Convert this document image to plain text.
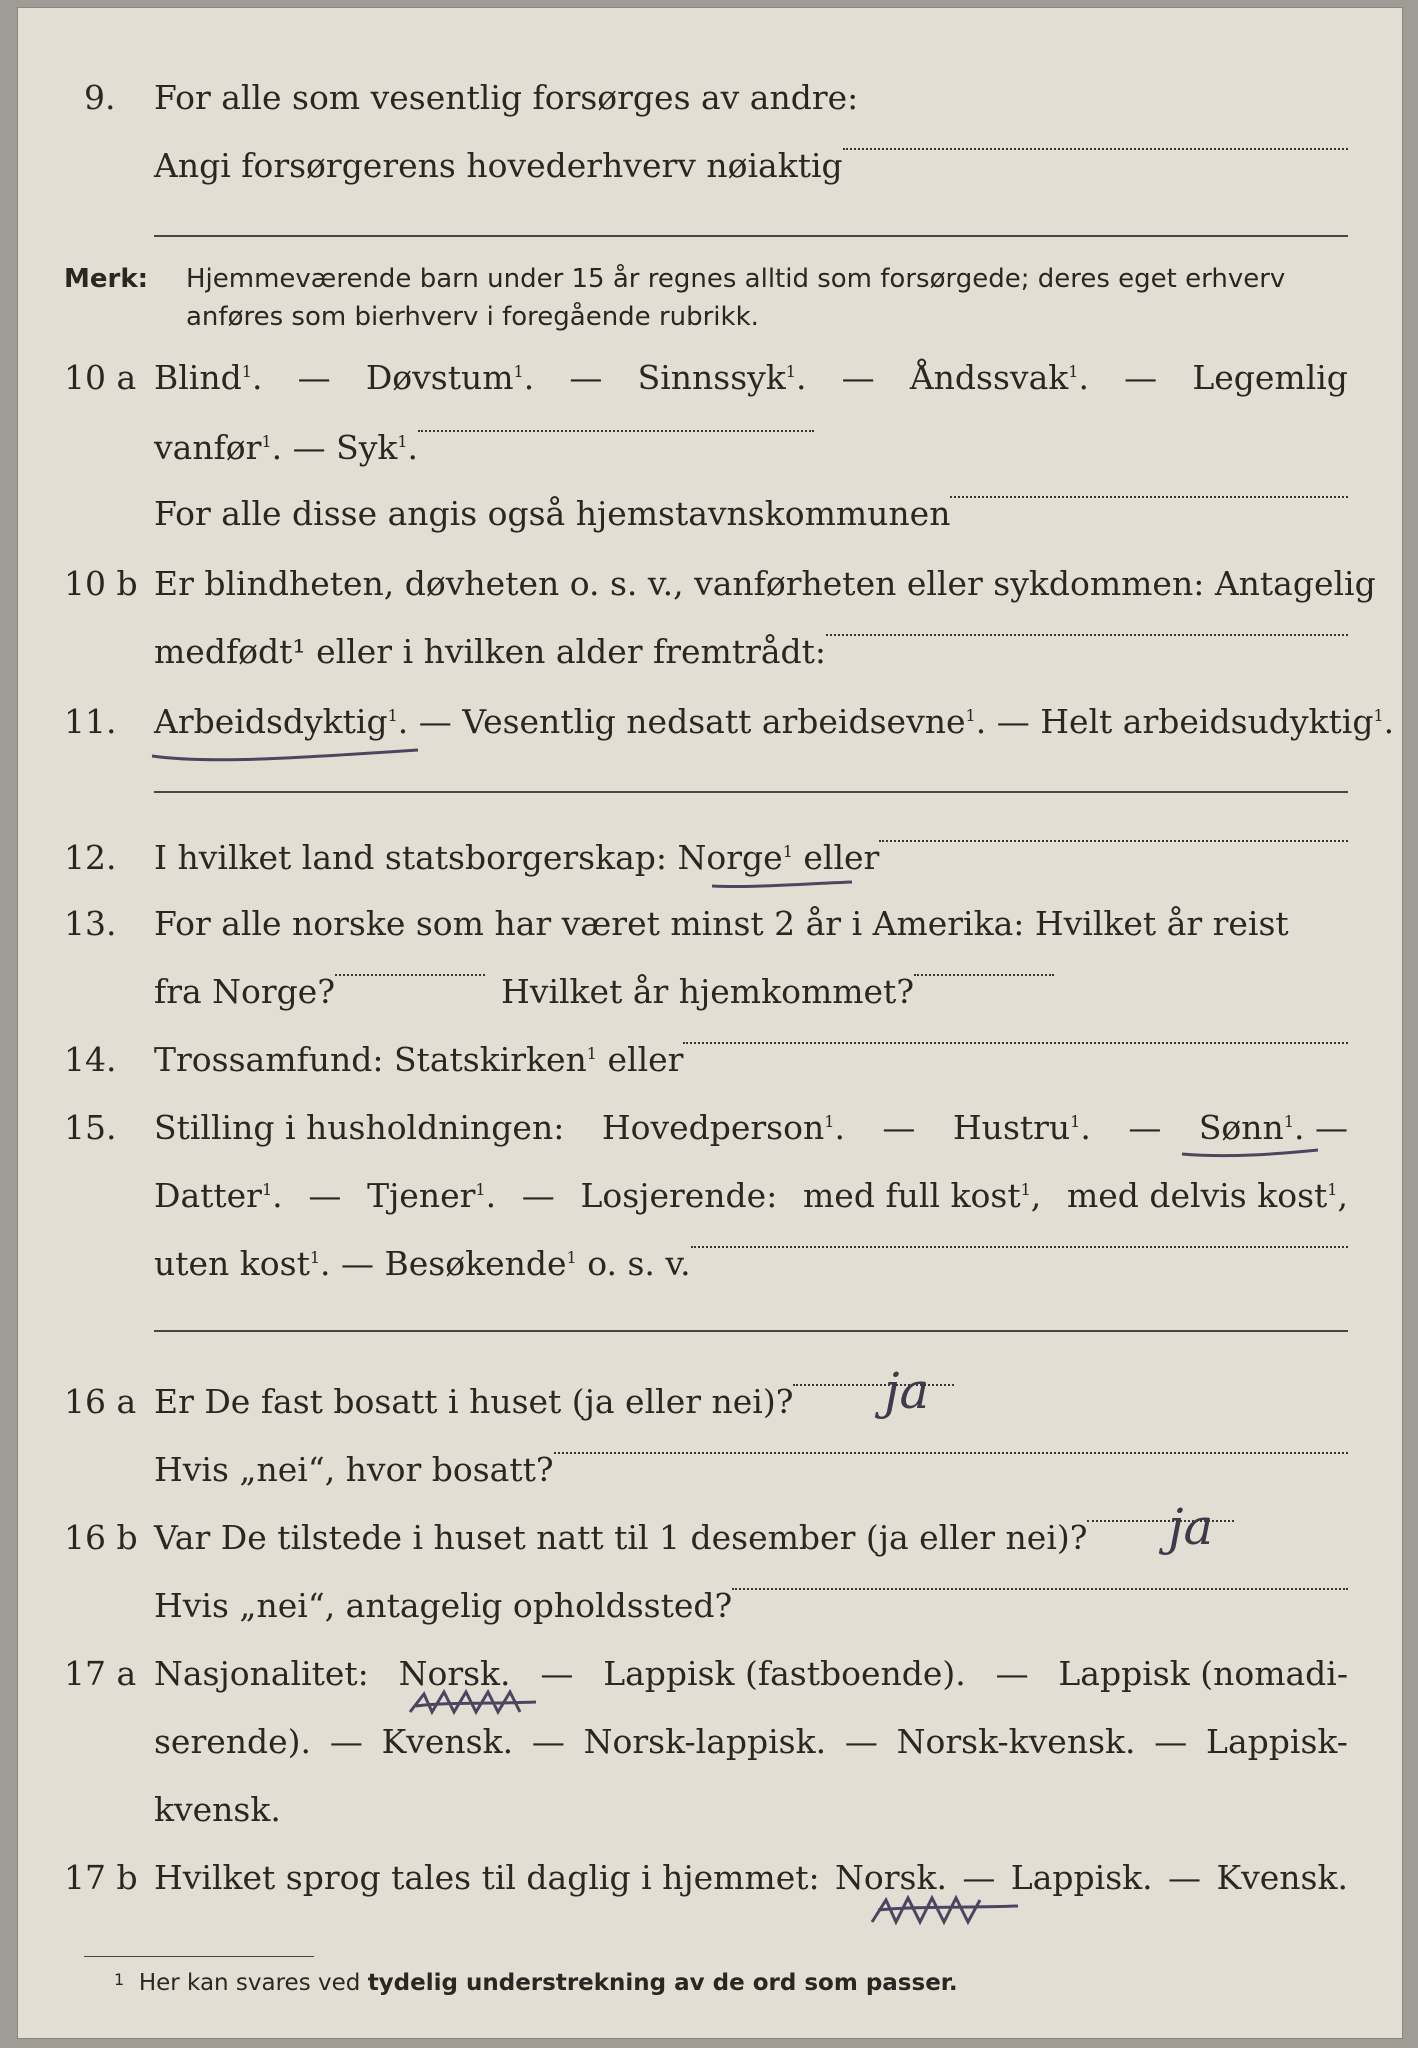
9. For alle som vesentlig forsørges av andre:
Angi forsørgerens hovederhverv nøiaktig
Merk: Hjemmeværende barn under 15 år regnes alltid som forsørgede; deres eget erhverv
anføres som bierhverv i foregående rubrikk.
10 a Blind$^1$. — Døvstum$^1$. — Sinnssyk$^1$. — Åndssvak$^1$. — Legemlig
vanfør$^1$. — Syk$^1$.
For alle disse angis også hjemstavnskommunen
10 b Er blindheten, døvheten o. s. v., vanførheten eller sykdommen: Antagelig
medfødt¹ eller i hvilken alder fremtrådt:
11. Arbeidsdyktig$^1$. — Vesentlig nedsatt arbeidsevne$^1$. — Helt arbeidsudyktig$^1$.
12. I hvilket land statsborgerskap: Norge$^1$ eller
13. For alle norske som har været minst 2 år i Amerika: Hvilket år reist
fra Norge?	Hvilket år hjemkommet?
14. Trossamfund: Statskirken$^1$ eller
15. Stilling i husholdningen: Hovedperson$^1$. — Hustru$^1$. — Sønn$^1$. —
Datter$^1$. — Tjener$^1$. — Losjerende: med full kost$^1$, med delvis kost$^1$,
uten kost$^1$. — Besøkende$^1$ o. s. v.
16 a Er De fast bosatt i huset (ja eller nei)? ja
Hvis „nei“, hvor bosatt?
16 b Var De tilstede i huset natt til 1 desember (ja eller nei)? ja
Hvis „nei“, antagelig opholdssted?
17 a Nasjonalitet: Norsk. — Lappisk (fastboende). — Lappisk (nomadi-
serende). — Kvensk. — Norsk-lappisk. — Norsk-kvensk. — Lappisk-
kvensk.
17 b Hvilket sprog tales til daglig i hjemmet: Norsk. — Lappisk. — Kvensk.
$^1$ Her kan svares ved tydelig understrekning av de ord som passer.
